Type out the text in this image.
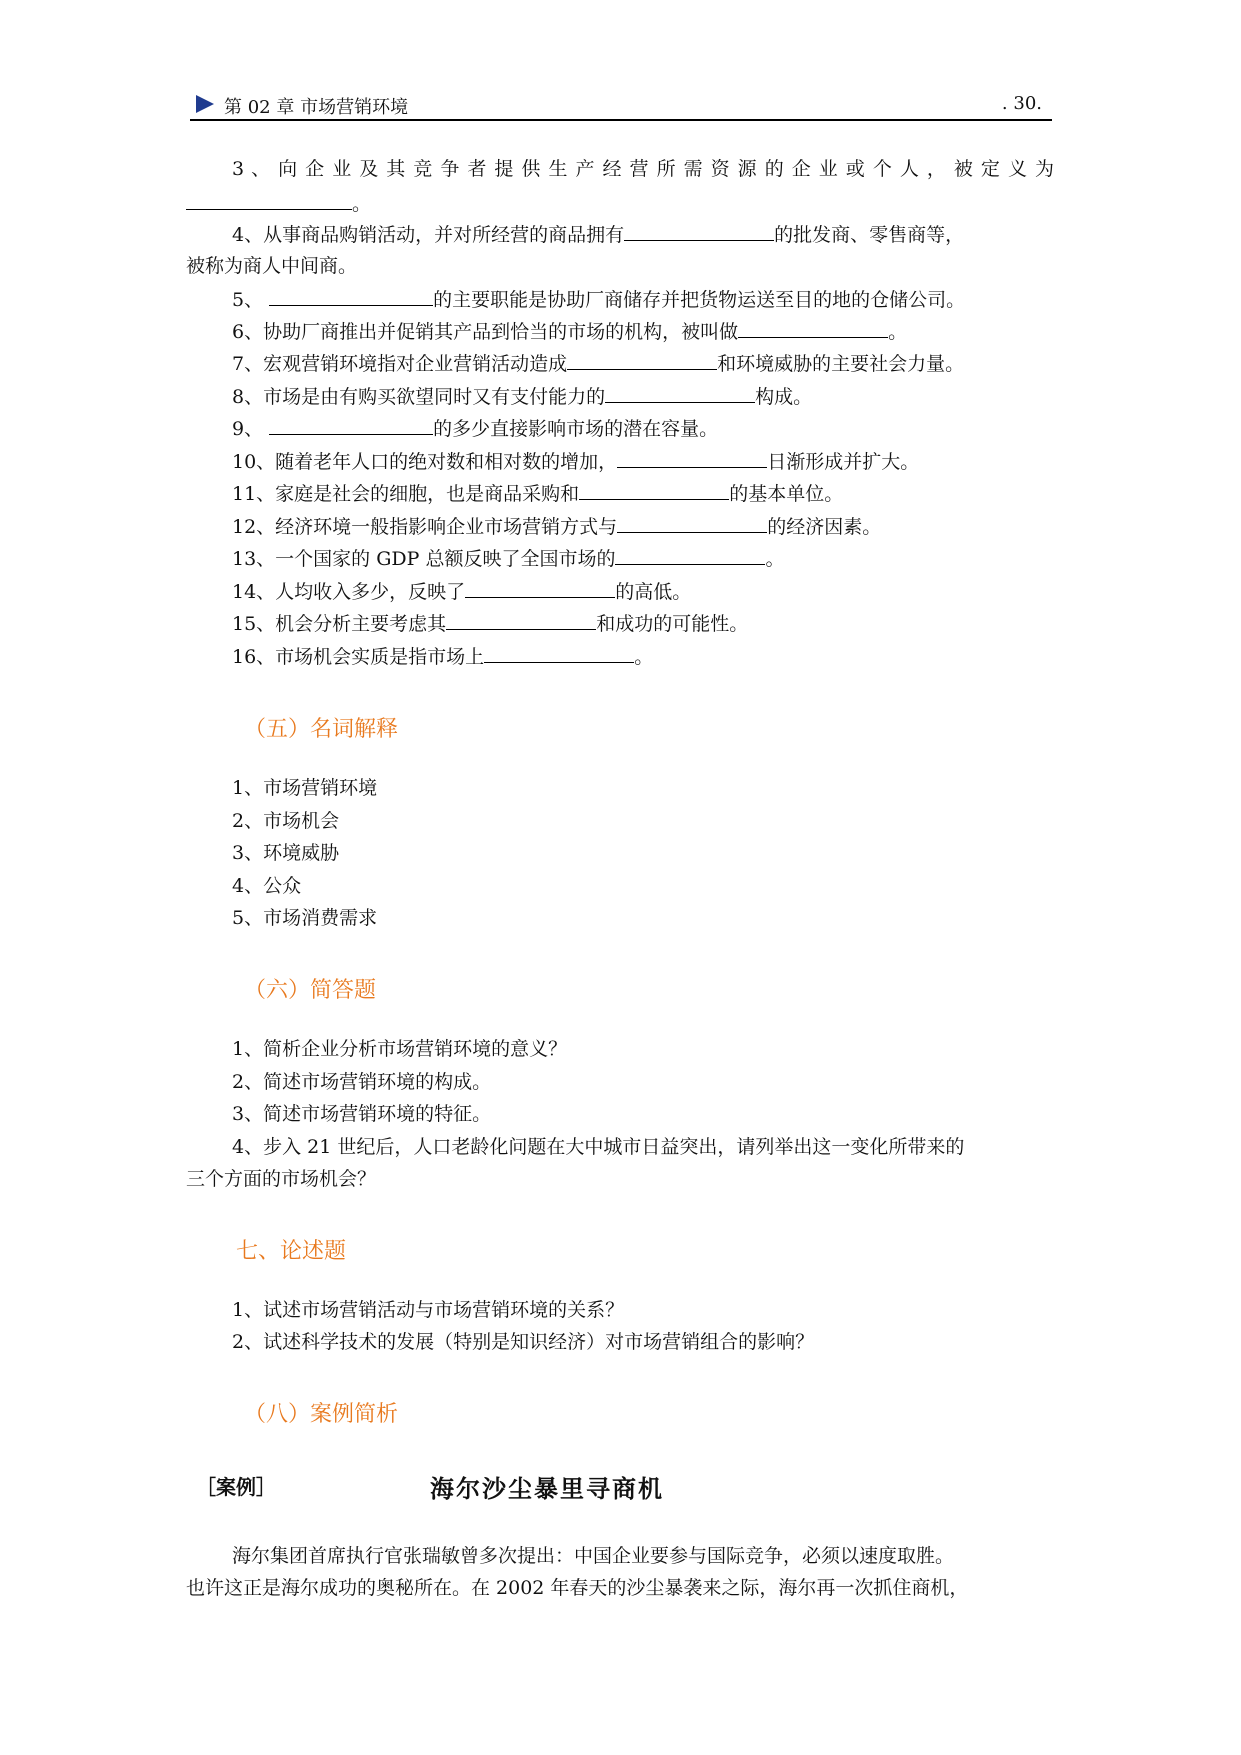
第 02 章 市场营销环境	. 30.
3 、 向 企 业 及 其 竞 争 者 提 供 生 产 经 营 所 需 资 源 的 企 业 或 个 人 ， 被 定 义 为
。
4、从事商品购销活动，并对所经营的商品拥有	的批发商、零售商等，
被称为商人中间商。
5、	的主要职能是协助厂商储存并把货物运送至目的地的仓储公司。
6、协助厂商推出并促销其产品到恰当的市场的机构，被叫做	。
7、宏观营销环境指对企业营销活动造成	和环境威胁的主要社会力量。
8、市场是由有购买欲望同时又有支付能力的	构成。
9、	的多少直接影响市场的潜在容量。
10、随着老年人口的绝对数和相对数的增加，	日渐形成并扩大。
11、家庭是社会的细胞，也是商品采购和	的基本单位。
12、经济环境一般指影响企业市场营销方式与	的经济因素。
13、一个国家的 GDP 总额反映了全国市场的	。
14、人均收入多少，反映了	的高低。
15、机会分析主要考虑其	和成功的可能性。
16、市场机会实质是指市场上	。
（五）名词解释
1、市场营销环境
2、市场机会
3、环境威胁
4、公众
5、市场消费需求
（六）简答题
1、简析企业分析市场营销环境的意义？
2、简述市场营销环境的构成。
3、简述市场营销环境的特征。
4、步入 21 世纪后，人口老龄化问题在大中城市日益突出，请列举出这一变化所带来的
三个方面的市场机会？
七、论述题
1、试述市场营销活动与市场营销环境的关系？
2、试述科学技术的发展（特别是知识经济）对市场营销组合的影响？
（八）案例简析
［案例］	海尔沙尘暴里寻商机
海尔集团首席执行官张瑞敏曾多次提出：中国企业要参与国际竞争，必须以速度取胜。
也许这正是海尔成功的奥秘所在。在 2002 年春天的沙尘暴袭来之际，海尔再一次抓住商机，
